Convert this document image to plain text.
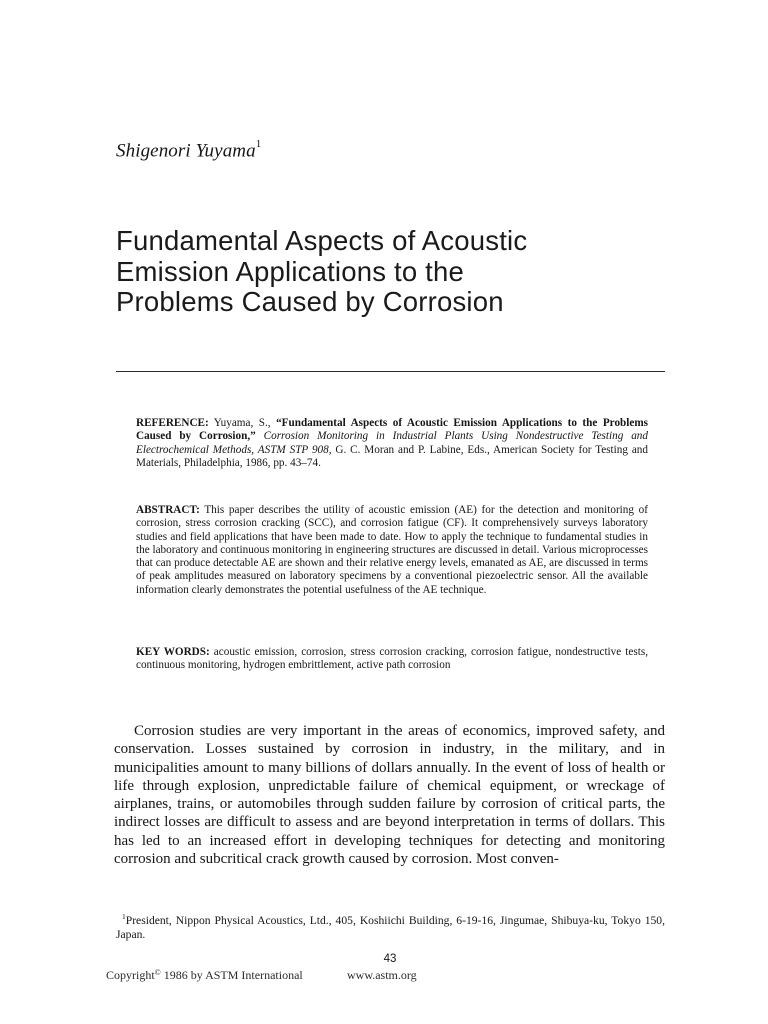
Shigenori Yuyama$^1$
Fundamental Aspects of Acoustic
Emission Applications to the
Problems Caused by Corrosion
REFERENCE: Yuyama, S., “Fundamental Aspects of Acoustic Emission Applications to the Problems Caused by Corrosion,” Corrosion Monitoring in Industrial Plants Using Nondestructive Testing and Electrochemical Methods, ASTM STP 908, G. C. Moran and P. Labine, Eds., American Society for Testing and Materials, Philadelphia, 1986, pp. 43–74.
ABSTRACT: This paper describes the utility of acoustic emission (AE) for the detection and monitoring of corrosion, stress corrosion cracking (SCC), and corrosion fatigue (CF). It comprehensively surveys laboratory studies and field applications that have been made to date. How to apply the technique to fundamental studies in the laboratory and continuous monitoring in engineering structures are discussed in detail. Various microprocesses that can produce detectable AE are shown and their relative energy levels, emanated as AE, are discussed in terms of peak amplitudes measured on laboratory specimens by a conventional piezoelectric sensor. All the available information clearly demonstrates the potential usefulness of the AE technique.
KEY WORDS: acoustic emission, corrosion, stress corrosion cracking, corrosion fatigue, nondestructive tests, continuous monitoring, hydrogen embrittlement, active path corrosion
Corrosion studies are very important in the areas of economics, improved safety, and conservation. Losses sustained by corrosion in industry, in the military, and in municipalities amount to many billions of dollars annually. In the event of loss of health or life through explosion, unpredictable failure of chemical equipment, or wreckage of airplanes, trains, or automobiles through sudden failure by corrosion of critical parts, the indirect losses are difficult to assess and are beyond interpretation in terms of dollars. This has led to an increased effort in developing techniques for detecting and monitoring corrosion and subcritical crack growth caused by corrosion. Most conven-
$^1$President, Nippon Physical Acoustics, Ltd., 405, Koshiichi Building, 6-19-16, Jingumae, Shibuya-ku, Tokyo 150, Japan.
43
Copyright© 1986 by ASTM International	www.astm.org
